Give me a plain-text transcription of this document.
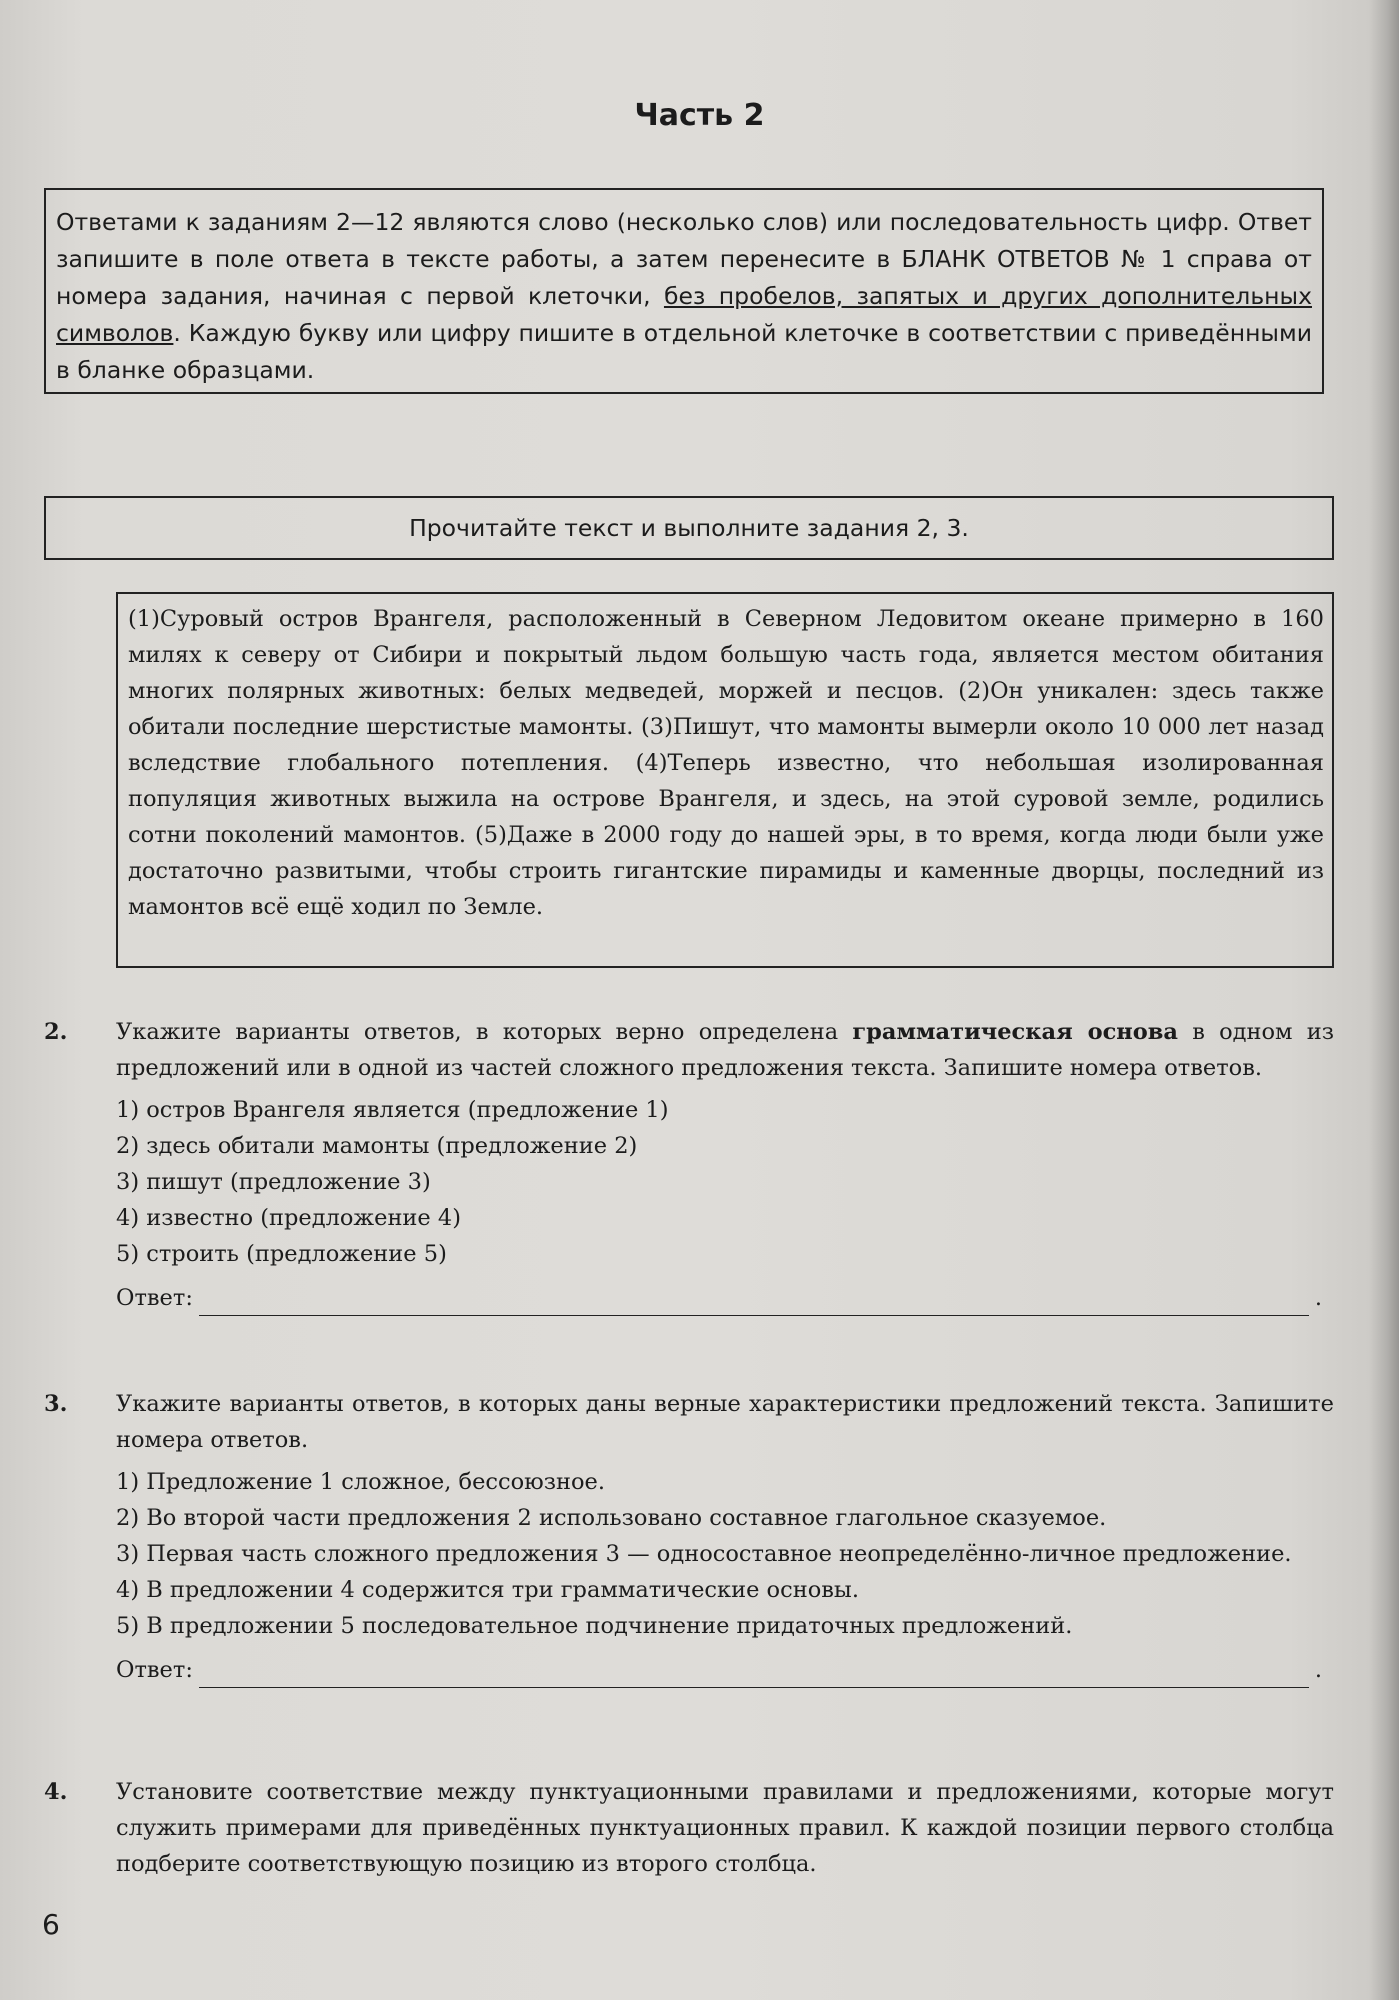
Часть 2
Ответами к заданиям 2—12 являются слово (несколько слов) или последовательность цифр. Ответ запишите в поле ответа в тексте работы, а затем перенесите в БЛАНК ОТВЕТОВ № 1 справа от номера задания, начиная с первой клеточки, без пробелов, запятых и других дополнительных символов. Каждую букву или цифру пишите в отдельной клеточке в соответствии с приведёнными в бланке образцами.
Прочитайте текст и выполните задания 2, 3.
(1)Суровый остров Врангеля, расположенный в Северном Ледовитом океане примерно в 160 милях к северу от Сибири и покрытый льдом большую часть года, является местом обитания многих полярных животных: белых медведей, моржей и песцов. (2)Он уникален: здесь также обитали последние шерстистые мамонты. (3)Пишут, что мамонты вымерли около 10 000 лет назад вследствие глобального потепления. (4)Теперь известно, что небольшая изолированная популяция животных выжила на острове Врангеля, и здесь, на этой суровой земле, родились сотни поколений мамонтов. (5)Даже в 2000 году до нашей эры, в то время, когда люди были уже достаточно развитыми, чтобы строить гигантские пирамиды и каменные дворцы, последний из мамонтов всё ещё ходил по Земле.
2. Укажите варианты ответов, в которых верно определена грамматическая основа в одном из предложений или в одной из частей сложного предложения текста. Запишите номера ответов.
1) остров Врангеля является (предложение 1)
2) здесь обитали мамонты (предложение 2)
3) пишут (предложение 3)
4) известно (предложение 4)
5) строить (предложение 5)
Ответ:	.
3. Укажите варианты ответов, в которых даны верные характеристики предложений текста. Запишите номера ответов.
1) Предложение 1 сложное, бессоюзное.
2) Во второй части предложения 2 использовано составное глагольное сказуемое.
3) Первая часть сложного предложения 3 — односоставное неопределённо-личное предложение.
4) В предложении 4 содержится три грамматические основы.
5) В предложении 5 последовательное подчинение придаточных предложений.
Ответ:	.
4. Установите соответствие между пунктуационными правилами и предложениями, которые могут служить примерами для приведённых пунктуационных правил. К каждой позиции первого столбца подберите соответствующую позицию из второго столбца.
6
